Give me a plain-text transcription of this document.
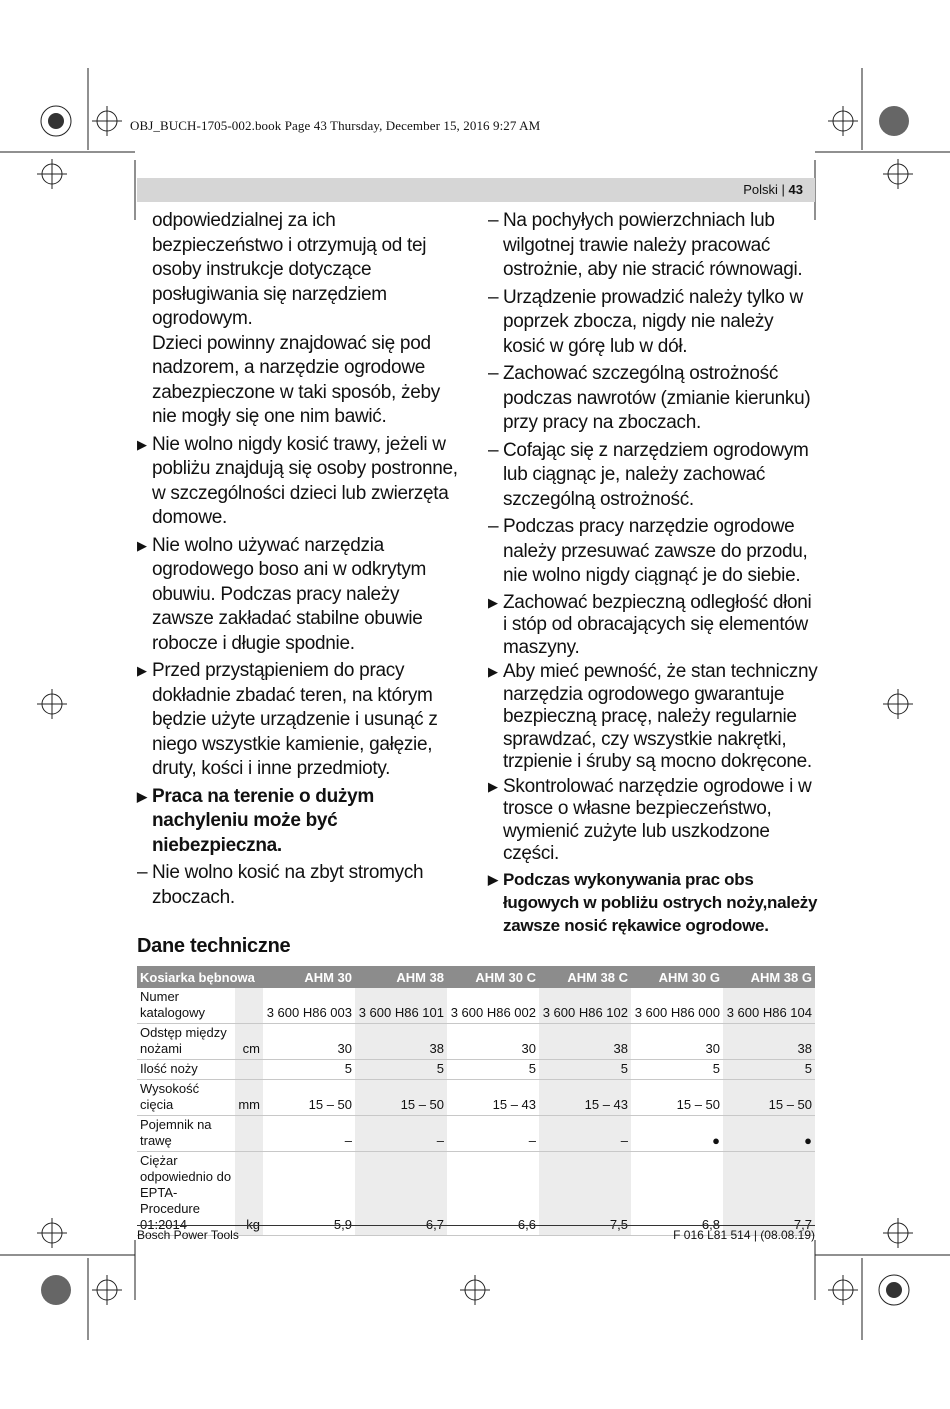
OBJ_BUCH-1705-002.book Page 43 Thursday, December 15, 2016 9:27 AM
Polski | 43

odpowiedzialnej za ich bezpieczeństwo i otrzymują od tej osoby instrukcje dotyczące posługiwania się narzędziem ogrodowym.

Dzieci powinny znajdować się pod nadzorem, a narzędzie ogrodowe zabezpieczone w taki sposób, żeby nie mogły się one nim bawić.

▶ Nie wolno nigdy kosić trawy, jeżeli w pobliżu znajdują się osoby postronne, w szczególności dzieci lub zwierzęta domowe.
▶ Nie wolno używać narzędzia ogrodowego boso ani w odkrytym obuwiu. Podczas pracy należy zawsze zakładać stabilne obuwie robocze i długie spodnie.
▶ Przed przystąpieniem do pracy dokładnie zbadać teren, na którym będzie użyte urządzenie i usunąć z niego wszystkie kamienie, gałęzie, druty, kości i inne przedmioty.
▶ Praca na terenie o dużym nachyleniu może być niebezpieczna.
– Nie wolno kosić na zbyt stromych zboczach.
– Na pochyłych powierzchniach lub wilgotnej trawie należy pracować ostrożnie, aby nie stracić równowagi.
– Urządzenie prowadzić należy tylko w poprzek zbocza, nigdy nie należy kosić w górę lub w dół.
– Zachować szczególną ostrożność podczas nawrotów (zmianie kierunku) przy pracy na zboczach.
– Cofając się z narzędziem ogrodowym lub ciągnąc je, należy zachować szczególną ostrożność.
– Podczas pracy narzędzie ogrodowe należy przesuwać zawsze do przodu, nie wolno nigdy ciągnąć je do siebie.
▶ Zachować bezpieczną odległość dłoni i stóp od obracających się elementów maszyny.
▶ Aby mieć pewność, że stan techniczny narzędzia ogrodowego gwarantuje bezpieczną pracę, należy regularnie sprawdzać, czy wszystkie nakrętki, trzpienie i śruby są mocno dokręcone.
▶ Skontrolować narzędzie ogrodowe i w trosce o własne bezpieczeństwo, wymienić zużyte lub uszkodzone części.
▶ Podczas wykonywania prac obs ługowych w pobliżu ostrych noży,należy zawsze nosić rękawice ogrodowe.
Dane techniczne
Kosiarka bębnowa		AHM 30	AHM 38	AHM 30 C	AHM 38 C	AHM 30 G	AHM 38 G
Numer katalogowy		3 600 H86 003	3 600 H86 101	3 600 H86 002	3 600 H86 102	3 600 H86 000	3 600 H86 104
Odstęp między nożami	cm	30	38	30	38	30	38
Ilość noży		5	5	5	5	5	5
Wysokość cięcia	mm	15 – 50	15 – 50	15 – 43	15 – 43	15 – 50	15 – 50
Pojemnik na trawę		–	–	–	–	●	●
Ciężar odpowiednio do EPTA-Procedure 01:2014	kg	5,9	6,7	6,6	7,5	6,8	7,7
Bosch Power Tools	F 016 L81 514 | (08.08.19)
